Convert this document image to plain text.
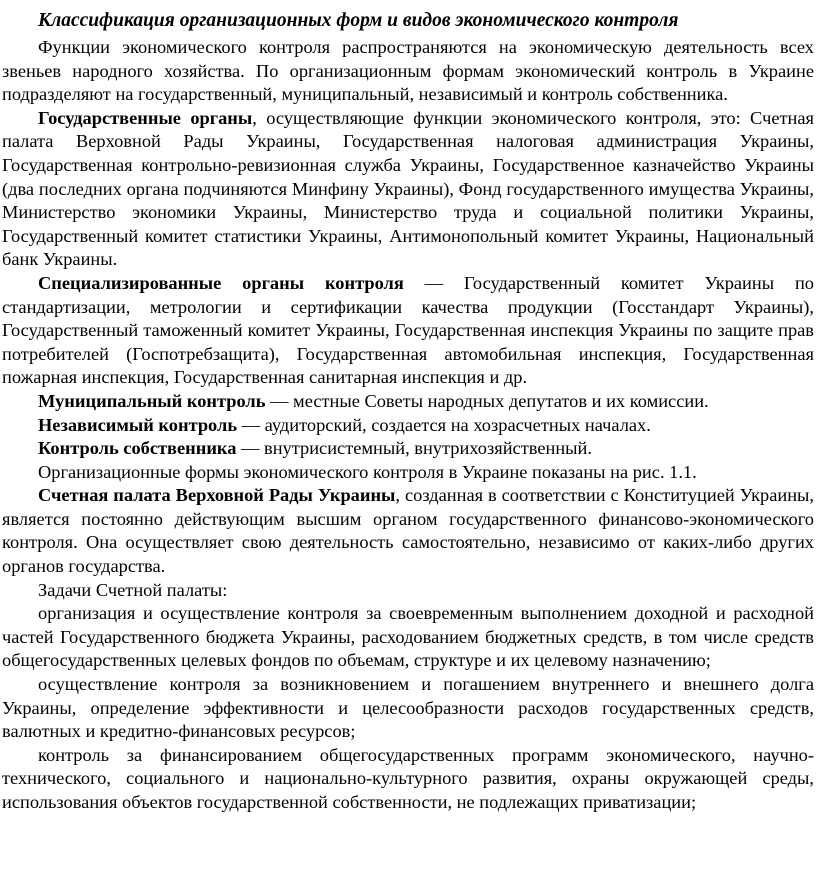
Классификация организационных форм и видов экономического контроля

Функции экономического контроля распространяются на экономическую деятельность всех звеньев народного хозяйства. По организационным формам экономический контроль в Украине подразделяют на государственный, муниципальный, независимый и контроль собственника.

Государственные органы, осуществляющие функции экономического контроля, это: Счетная палата Верховной Рады Украины, Государственная налоговая администрация Украины, Государственная контрольно-ревизионная служба Украины, Государственное казначейство Украины (два последних органа подчиняются Минфину Украины), Фонд государственного имущества Украины, Министерство экономики Украины, Министерство труда и социальной политики Украины, Государственный комитет статистики Украины, Антимонопольный комитет Украины, Национальный банк Украины.

Специализированные органы контроля — Государственный комитет Украины по стандартизации, метрологии и сертификации качества продукции (Госстандарт Украины), Государственный таможенный комитет Украины, Государственная инспекция Украины по защите прав потребителей (Госпотребзащита), Государственная автомобильная инспекция, Государственная пожарная инспекция, Государственная санитарная инспекция и др.

Муниципальный контроль — местные Советы народных депутатов и их комиссии.

Независимый контроль — аудиторский, создается на хозрасчетных началах.

Контроль собственника — внутрисистемный, внутрихозяйственный.

Организационные формы экономического контроля в Украине показаны на рис. 1.1.

Счетная палата Верховной Рады Украины, созданная в соответствии с Конституцией Украины, является постоянно действующим высшим органом государственного финансово-экономического контроля. Она осуществляет свою деятельность самостоятельно, независимо от каких-либо других органов государства.

Задачи Счетной палаты:

организация и осуществление контроля за своевременным выполнением доходной и расходной частей Государственного бюджета Украины, расходованием бюджетных средств, в том числе средств общегосударственных целевых фондов по объемам, структуре и их целевому назначению;

осуществление контроля за возникновением и погашением внутреннего и внешнего долга Украины, определение эффективности и целесообразности расходов государственных средств, валютных и кредитно-финансовых ресурсов;

контроль за финансированием общегосударственных программ экономического, научно-технического, социального и национально-культурного развития, охраны окружающей среды, использования объектов государственной собственности, не подлежащих приватизации;
